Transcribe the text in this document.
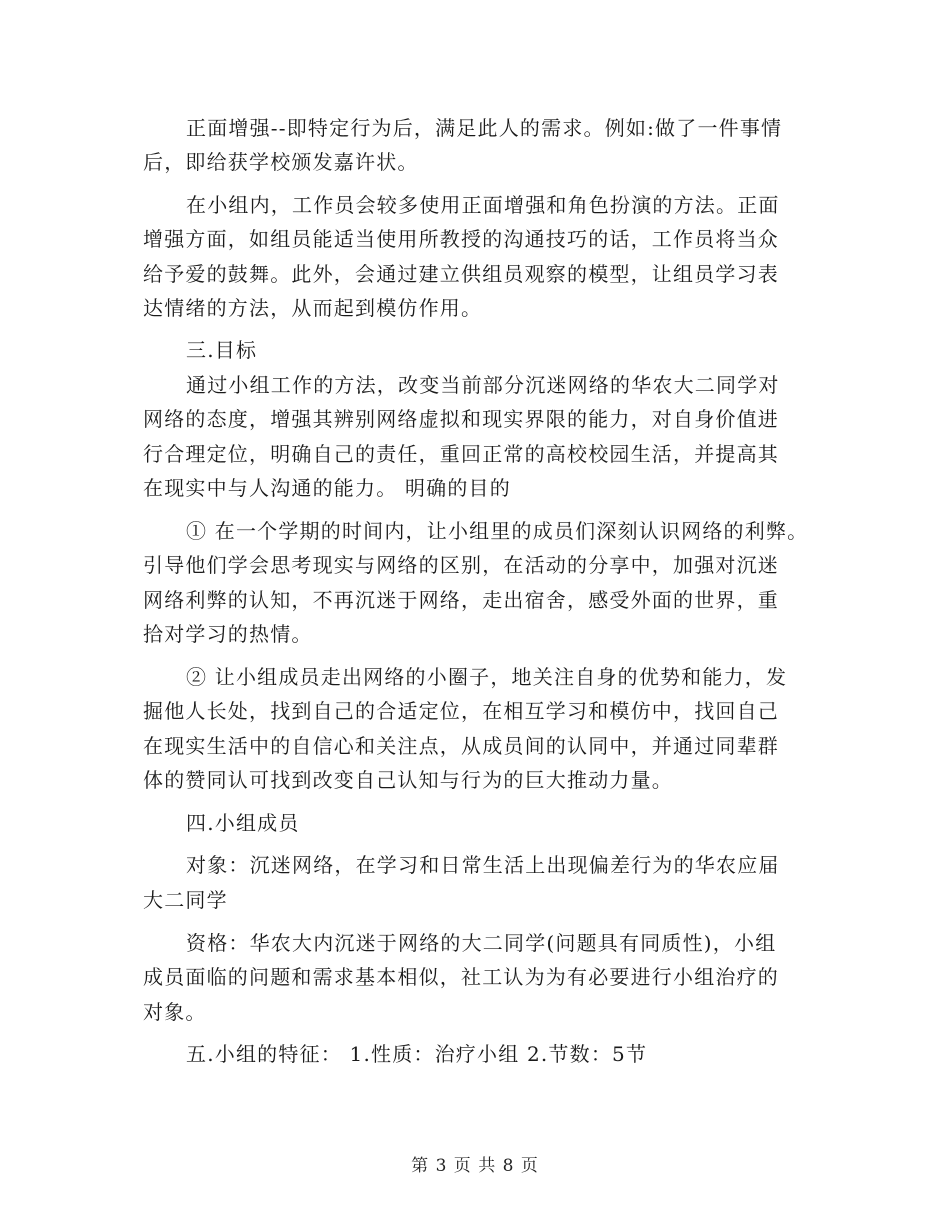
正面增强--即特定行为后，满足此人的需求。例如:做了一件事情
后，即给获学校颁发嘉许状。
在小组内，工作员会较多使用正面增强和角色扮演的方法。正面
增强方面，如组员能适当使用所教授的沟通技巧的话，工作员将当众
给予爱的鼓舞。此外，会通过建立供组员观察的模型，让组员学习表
达情绪的方法，从而起到模仿作用。
三.目标
通过小组工作的方法，改变当前部分沉迷网络的华农大二同学对
网络的态度，增强其辨别网络虚拟和现实界限的能力，对自身价值进
行合理定位，明确自己的责任，重回正常的高校校园生活，并提高其
在现实中与人沟通的能力。 明确的目的
① 在一个学期的时间内，让小组里的成员们深刻认识网络的利弊。
引导他们学会思考现实与网络的区别，在活动的分享中，加强对沉迷
网络利弊的认知，不再沉迷于网络，走出宿舍，感受外面的世界，重
拾对学习的热情。
② 让小组成员走出网络的小圈子，地关注自身的优势和能力，发
掘他人长处，找到自己的合适定位，在相互学习和模仿中，找回自己
在现实生活中的自信心和关注点，从成员间的认同中，并通过同辈群
体的赞同认可找到改变自己认知与行为的巨大推动力量。
四.小组成员
对象：沉迷网络，在学习和日常生活上出现偏差行为的华农应届
大二同学
资格：华农大内沉迷于网络的大二同学(问题具有同质性)，小组
成员面临的问题和需求基本相似，社工认为为有必要进行小组治疗的
对象。
五.小组的特征： 1.性质：治疗小组 2.节数：5节
第 3 页 共 8 页
